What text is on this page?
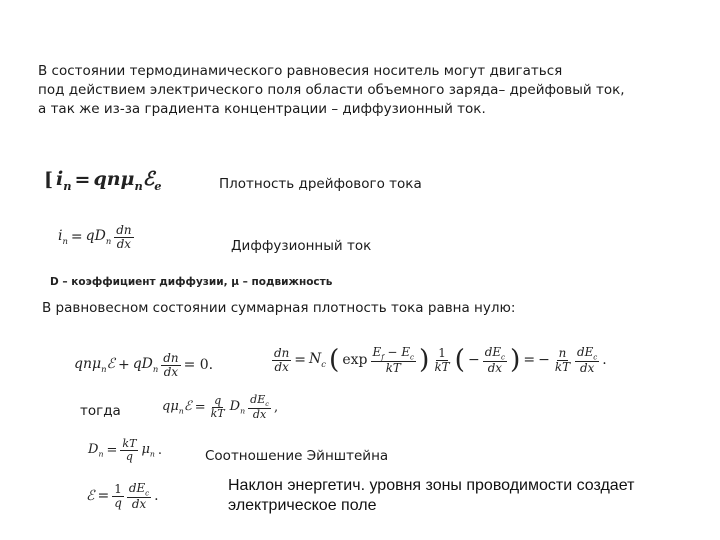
В состоянии термодинамического равновесия носитель могут двигаться
под действием электрического поля области объемного заряда– дрейфовый ток,
а так же из-за градиента концентрации – диффузионный ток.
[ $i_n$ = qnμ$_n$ℰ$_e$	Плотность дрейфового тока
$i_n = qD_n \frac{dn}{dx}$	Диффузионный ток
D – коэффициент диффузии, µ – подвижность
В равновесном состоянии суммарная плотность тока равна нулю:
qnμ$_n$ℰ + $qD_n \frac{dn}{dx} = 0$.	$\frac{dn}{dx} = N_c$ ( $\exp \frac{E_f - E_c}{kT}$ ) $\frac{1}{kT}$ ( − $\frac{dE_c}{dx}$ ) = − $\frac{n}{kT} \frac{dE_c}{dx}$ .
тогда	$q\mu_nℰ = \frac{q}{kT} D_n \frac{dE_c}{dx}$ ,
$D_n = \frac{kT}{q} \mu_n$ .	Соотношение Эйнштейна
ℰ = $\frac{1}{q} \frac{dE_c}{dx}$ .
Наклон энергетич. уровня зоны проводимости создает
электрическое поле
